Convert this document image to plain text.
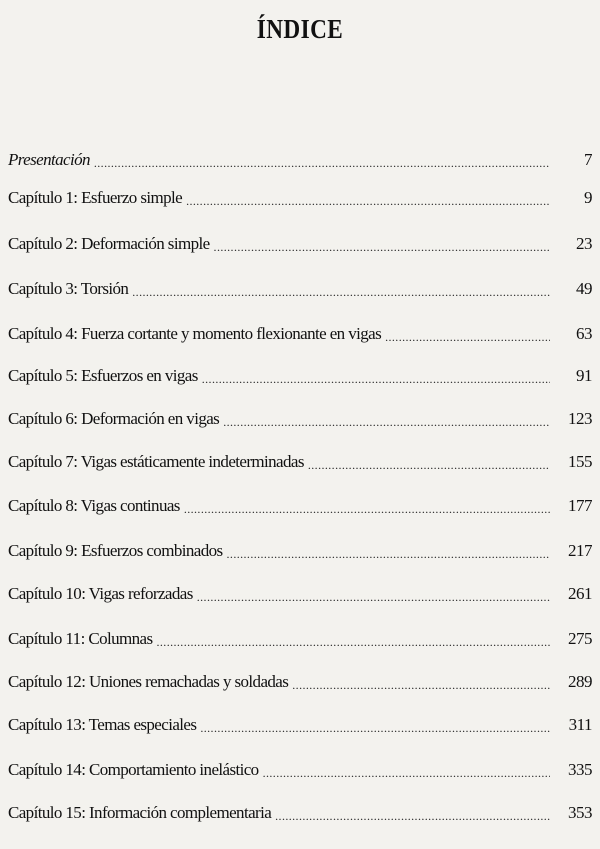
ÍNDICE
Presentación .....	7
Capítulo 1: Esfuerzo simple .....	9
Capítulo 2: Deformación simple .....	23
Capítulo 3: Torsión .....	49
Capítulo 4: Fuerza cortante y momento flexionante en vigas .....	63
Capítulo 5: Esfuerzos en vigas .....	91
Capítulo 6: Deformación en vigas .....	123
Capítulo 7: Vigas estáticamente indeterminadas .....	155
Capítulo 8: Vigas continuas .....	177
Capítulo 9: Esfuerzos combinados .....	217
Capítulo 10: Vigas reforzadas .....	261
Capítulo 11: Columnas .....	275
Capítulo 12: Uniones remachadas y soldadas .....	289
Capítulo 13: Temas especiales .....	311
Capítulo 14: Comportamiento inelástico .....	335
Capítulo 15: Información complementaria .....	353
